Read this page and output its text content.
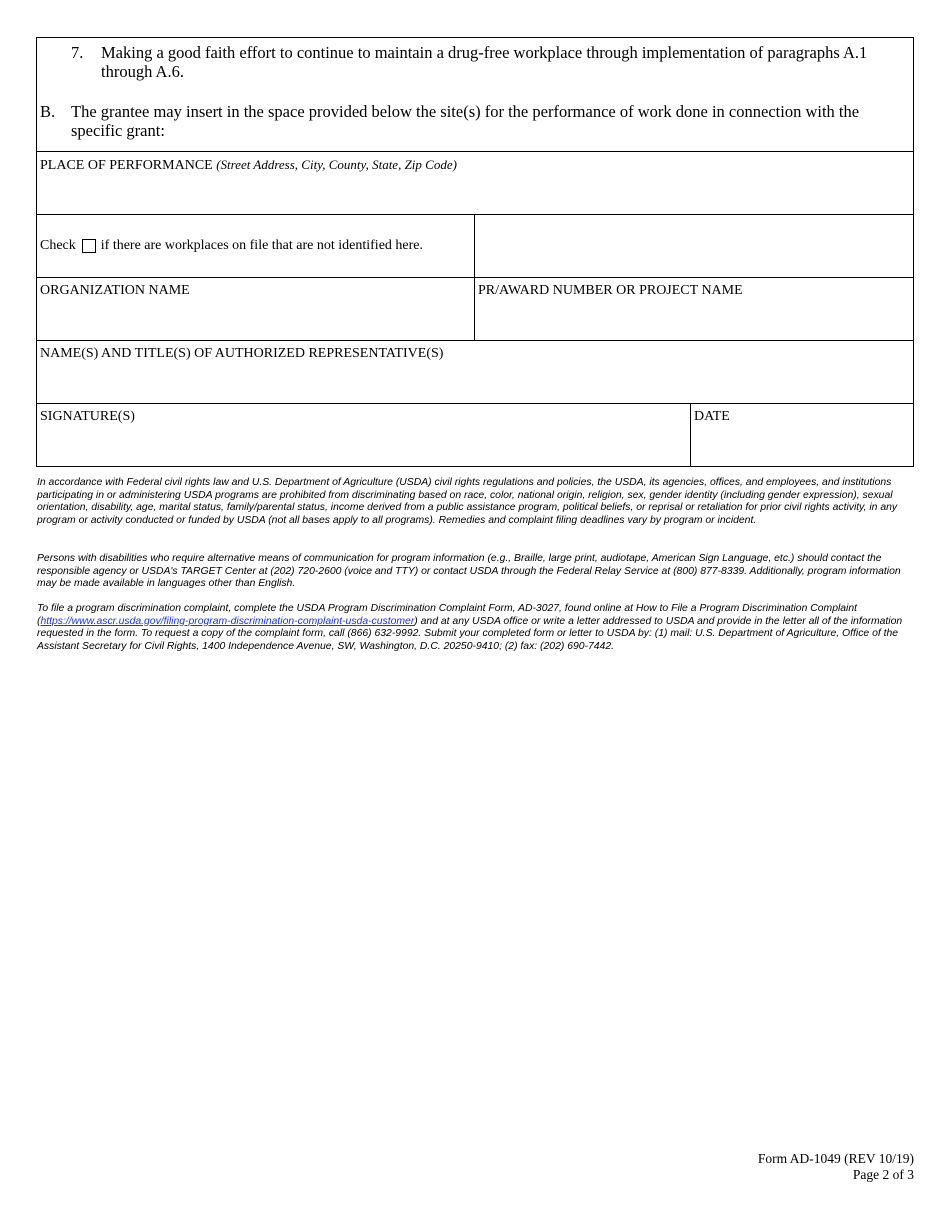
7. Making a good faith effort to continue to maintain a drug-free workplace through implementation of paragraphs A.1 through A.6.
B. The grantee may insert in the space provided below the site(s) for the performance of work done in connection with the specific grant:
PLACE OF PERFORMANCE (Street Address, City, County, State, Zip Code)
Check if there are workplaces on file that are not identified here.
ORGANIZATION NAME	PR/AWARD NUMBER OR PROJECT NAME
NAME(S) AND TITLE(S) OF AUTHORIZED REPRESENTATIVE(S)
SIGNATURE(S)	DATE

In accordance with Federal civil rights law and U.S. Department of Agriculture (USDA) civil rights regulations and policies, the USDA, its agencies, offices, and employees, and institutions participating in or administering USDA programs are prohibited from discriminating based on race, color, national origin, religion, sex, gender identity (including gender expression), sexual orientation, disability, age, marital status, family/parental status, income derived from a public assistance program, political beliefs, or reprisal or retaliation for prior civil rights activity, in any program or activity conducted or funded by USDA (not all bases apply to all programs). Remedies and complaint filing deadlines vary by program or incident.

Persons with disabilities who require alternative means of communication for program information (e.g., Braille, large print, audiotape, American Sign Language, etc.) should contact the responsible agency or USDA's TARGET Center at (202) 720-2600 (voice and TTY) or contact USDA through the Federal Relay Service at (800) 877-8339. Additionally, program information may be made available in languages other than English.

To file a program discrimination complaint, complete the USDA Program Discrimination Complaint Form, AD-3027, found online at How to File a Program Discrimination Complaint (https://www.ascr.usda.gov/filing-program-discrimination-complaint-usda-customer) and at any USDA office or write a letter addressed to USDA and provide in the letter all of the information requested in the form. To request a copy of the complaint form, call (866) 632-9992. Submit your completed form or letter to USDA by: (1) mail: U.S. Department of Agriculture, Office of the Assistant Secretary for Civil Rights, 1400 Independence Avenue, SW, Washington, D.C. 20250-9410; (2) fax: (202) 690-7442.

Form AD-1049 (REV 10/19)
Page 2 of 3
